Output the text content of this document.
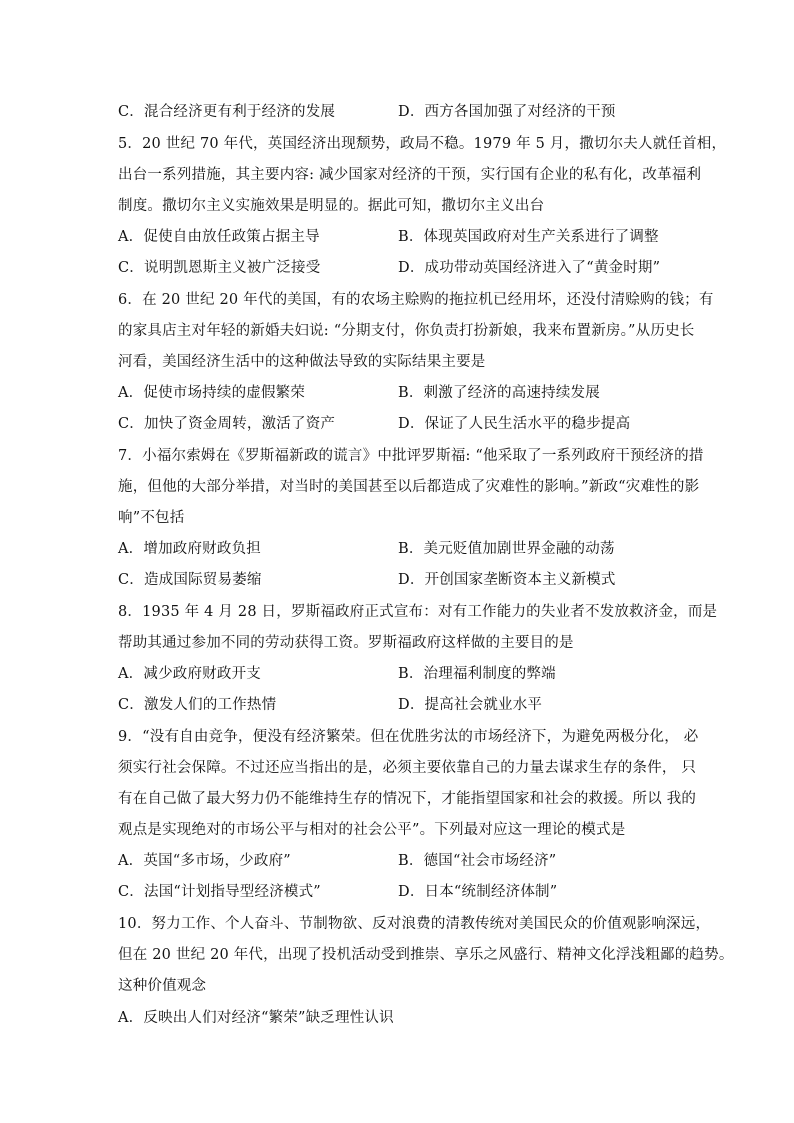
C．混合经济更有利于经济的发展	D．西方各国加强了对经济的干预
5．20 世纪 70 年代，英国经济出现颓势，政局不稳。1979 年 5 月，撒切尔夫人就任首相，
出台一系列措施，其主要内容: 减少国家对经济的干预，实行国有企业的私有化，改革福利
制度。撒切尔主义实施效果是明显的。据此可知，撒切尔主义出台
A．促使自由放任政策占据主导	B．体现英国政府对生产关系进行了调整
C．说明凯恩斯主义被广泛接受	D．成功带动英国经济进入了“黄金时期”
6．在 20 世纪 20 年代的美国，有的农场主赊购的拖拉机已经用坏，还没付清赊购的钱；有
的家具店主对年轻的新婚夫妇说: “分期支付，你负责打扮新娘，我来布置新房。”从历史长
河看，美国经济生活中的这种做法导致的实际结果主要是
A．促使市场持续的虚假繁荣	B．刺激了经济的高速持续发展
C．加快了资金周转，激活了资产	D．保证了人民生活水平的稳步提高
7．小福尔索姆在《罗斯福新政的谎言》中批评罗斯福: “他采取了一系列政府干预经济的措
施，但他的大部分举措，对当时的美国甚至以后都造成了灾难性的影响。”新政“灾难性的影
响”不包括
A．增加政府财政负担	B．美元贬值加剧世界金融的动荡
C．造成国际贸易萎缩	D．开创国家垄断资本主义新模式
8．1935 年 4 月 28 日，罗斯福政府正式宣布：对有工作能力的失业者不发放救济金，而是
帮助其通过参加不同的劳动获得工资。罗斯福政府这样做的主要目的是
A．减少政府财政开支	B．治理福利制度的弊端
C．激发人们的工作热情	D．提高社会就业水平
9．“没有自由竞争，便没有经济繁荣。但在优胜劣汰的市场经济下，为避免两极分化， 必
须实行社会保障。不过还应当指出的是，必须主要依靠自己的力量去谋求生存的条件， 只
有在自己做了最大努力仍不能维持生存的情况下，才能指望国家和社会的救援。所以 我的
观点是实现绝对的市场公平与相对的社会公平”。下列最对应这一理论的模式是
A．英国“多市场，少政府”	B．德国“社会市场经济”
C．法国“计划指导型经济模式”	D．日本“统制经济体制”
10．努力工作、个人奋斗、节制物欲、反对浪费的清教传统对美国民众的价值观影响深远，
但在 20 世纪 20 年代，出现了投机活动受到推崇、享乐之风盛行、精神文化浮浅粗鄙的趋势。
这种价值观念
A．反映出人们对经济“繁荣”缺乏理性认识
